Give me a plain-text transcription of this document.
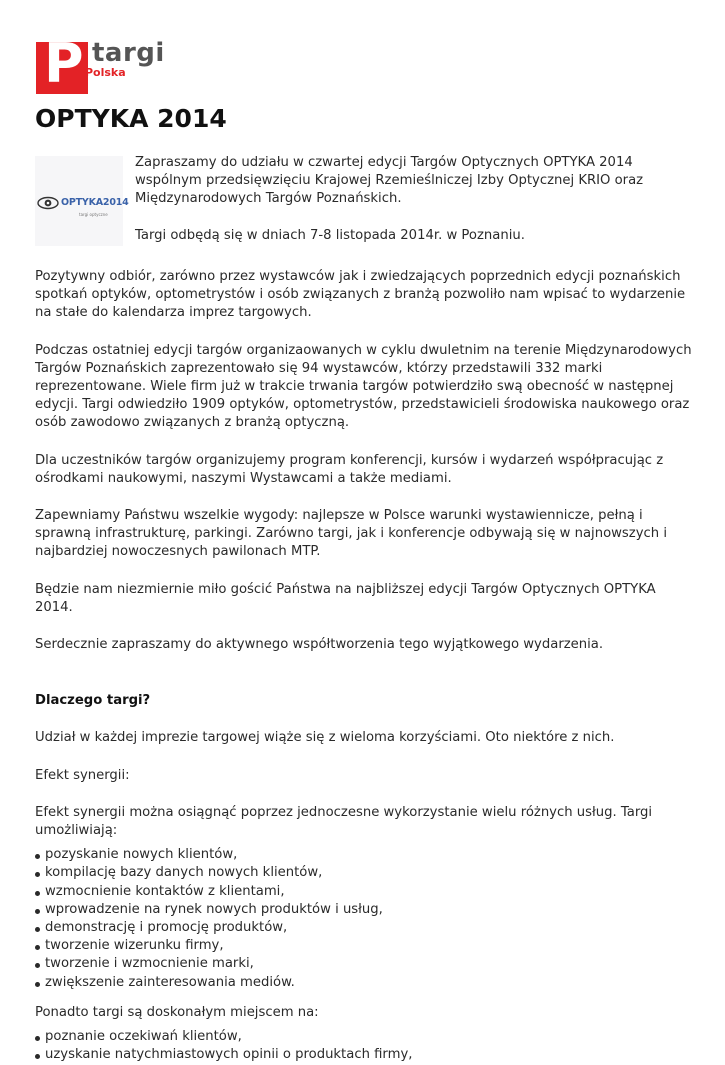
P targi
Polska
OPTYKA 2014
OPTYKA2014
targi optyczne

Zapraszamy do udziału w czwartej edycji Targów Optycznych OPTYKA 2014 wspólnym przedsięwzięciu Krajowej Rzemieślniczej Izby Optycznej KRIO oraz Międzynarodowych Targów Poznańskich.

Targi odbędą się w dniach 7-8 listopada 2014r. w Poznaniu.

Pozytywny odbiór, zarówno przez wystawców jak i zwiedzających poprzednich edycji poznańskich spotkań optyków, optometrystów i osób związanych z branżą pozwoliło nam wpisać to wydarzenie na stałe do kalendarza imprez targowych.

Podczas ostatniej edycji targów organizaowanych w cyklu dwuletnim na terenie Międzynarodowych Targów Poznańskich zaprezentowało się 94 wystawców, którzy przedstawili 332 marki reprezentowane. Wiele firm już w trakcie trwania targów potwierdziło swą obecność w następnej edycji. Targi odwiedziło 1909 optyków, optometrystów, przedstawicieli środowiska naukowego oraz osób zawodowo związanych z branżą optyczną.

Dla uczestników targów organizujemy program konferencji, kursów i wydarzeń współpracując z ośrodkami naukowymi, naszymi Wystawcami a także mediami.

Zapewniamy Państwu wszelkie wygody: najlepsze w Polsce warunki wystawiennicze, pełną i sprawną infrastrukturę, parkingi. Zarówno targi, jak i konferencje odbywają się w najnowszych i najbardziej nowoczesnych pawilonach MTP.

Będzie nam niezmiernie miło gościć Państwa na najbliższej edycji Targów Optycznych OPTYKA 2014.

Serdecznie zapraszamy do aktywnego współtworzenia tego wyjątkowego wydarzenia.

Dlaczego targi?

Udział w każdej imprezie targowej wiąże się z wieloma korzyściami. Oto niektóre z nich.

Efekt synergii:

Efekt synergii można osiągnąć poprzez jednoczesne wykorzystanie wielu różnych usług. Targi umożliwiają:

pozyskanie nowych klientów,
kompilację bazy danych nowych klientów,
wzmocnienie kontaktów z klientami,
wprowadzenie na rynek nowych produktów i usług,
demonstrację i promocję produktów,
tworzenie wizerunku firmy,
tworzenie i wzmocnienie marki,
zwiększenie zainteresowania mediów.

Ponadto targi są doskonałym miejscem na:

poznanie oczekiwań klientów,
uzyskanie natychmiastowych opinii o produktach firmy,
